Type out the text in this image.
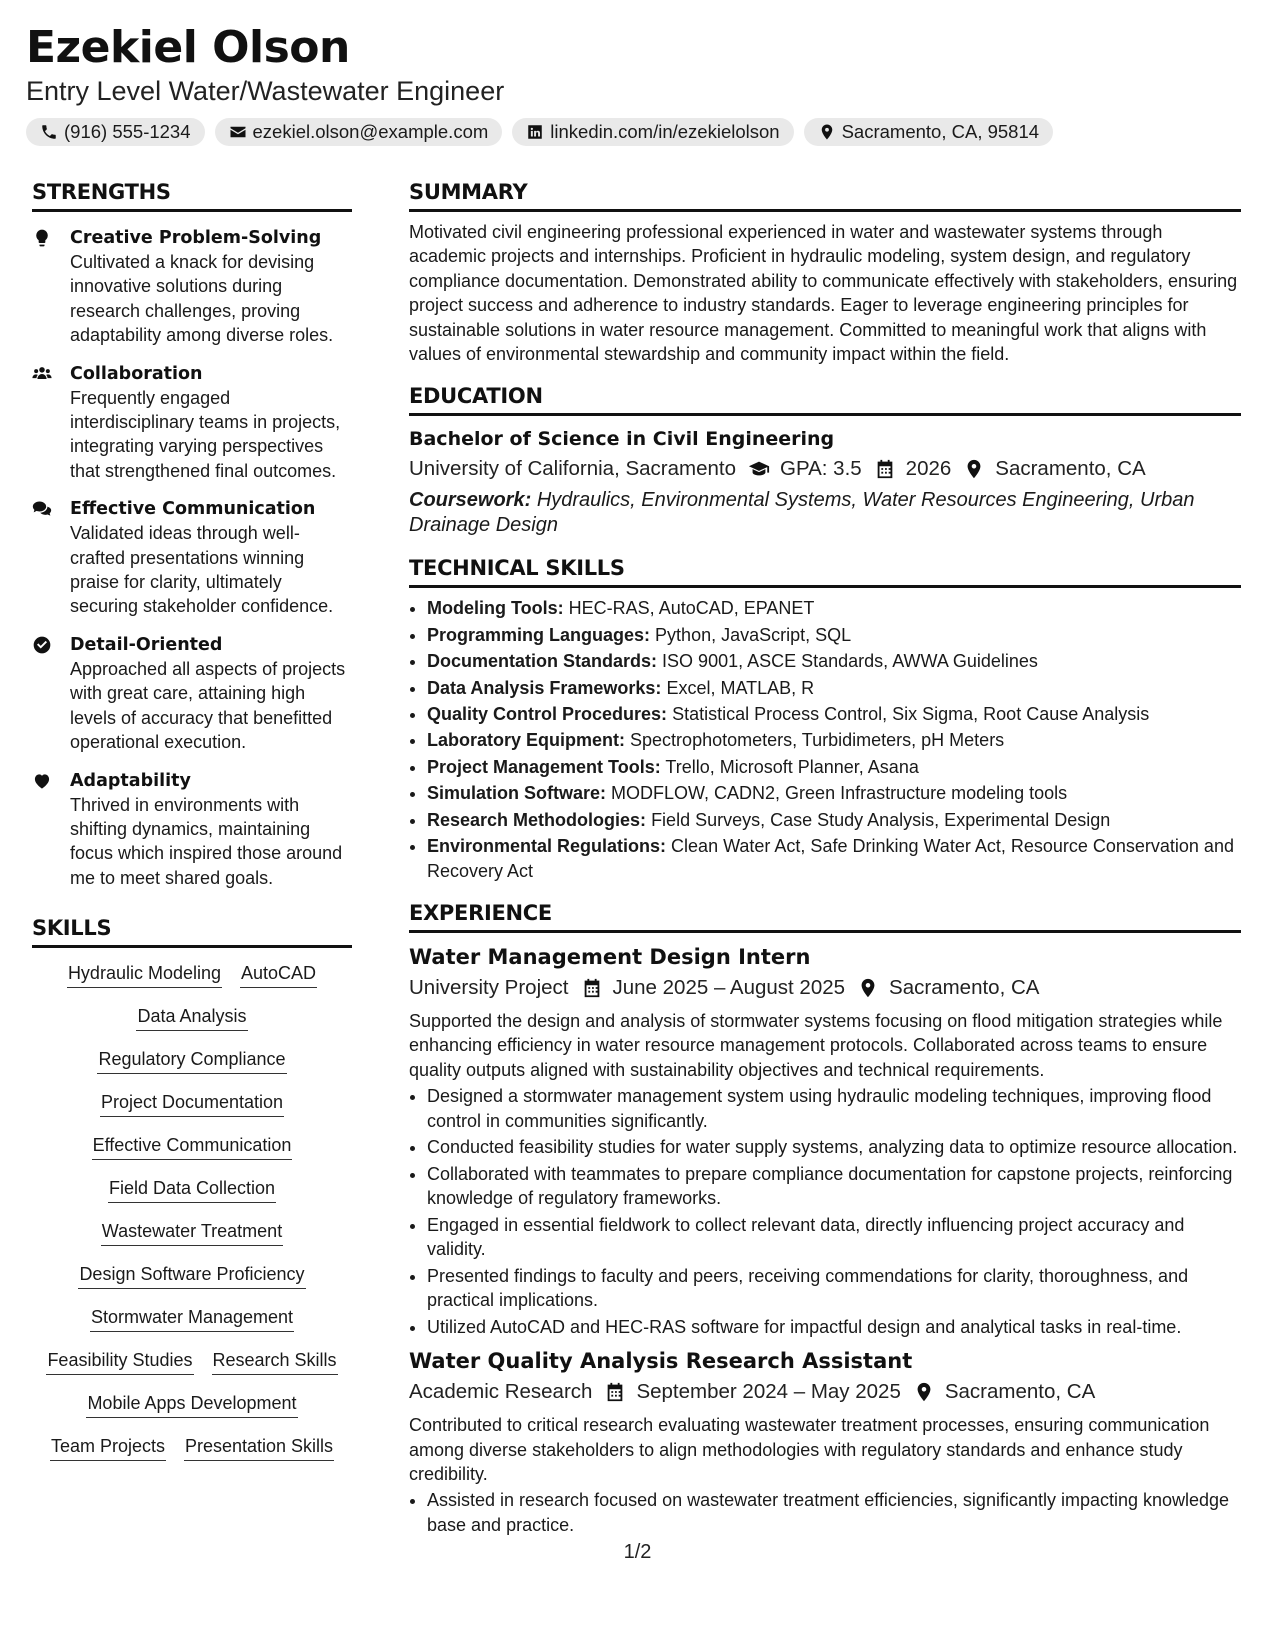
Ezekiel Olson
Entry Level Water/Wastewater Engineer
(916) 555-1234	ezekiel.olson@example.com	linkedin.com/in/ezekielolson	Sacramento, CA, 95814
STRENGTHS
Creative Problem-Solving
Cultivated a knack for devising innovative solutions during research challenges, proving adaptability among diverse roles.
Collaboration
Frequently engaged interdisciplinary teams in projects, integrating varying perspectives that strengthened final outcomes.
Effective Communication
Validated ideas through well-crafted presentations winning praise for clarity, ultimately securing stakeholder confidence.
Detail-Oriented
Approached all aspects of projects with great care, attaining high levels of accuracy that benefitted operational execution.
Adaptability
Thrived in environments with shifting dynamics, maintaining focus which inspired those around me to meet shared goals.
SKILLS
Hydraulic Modeling AutoCAD
Data Analysis
Regulatory Compliance
Project Documentation
Effective Communication
Field Data Collection
Wastewater Treatment
Design Software Proficiency
Stormwater Management
Feasibility Studies Research Skills
Mobile Apps Development
Team Projects Presentation Skills
SUMMARY
Motivated civil engineering professional experienced in water and wastewater systems through academic projects and internships. Proficient in hydraulic modeling, system design, and regulatory compliance documentation. Demonstrated ability to communicate effectively with stakeholders, ensuring project success and adherence to industry standards. Eager to leverage engineering principles for sustainable solutions in water resource management. Committed to meaningful work that aligns with values of environmental stewardship and community impact within the field.
EDUCATION
Bachelor of Science in Civil Engineering
University of California, Sacramento GPA: 3.5 2026 Sacramento, CA
Coursework: Hydraulics, Environmental Systems, Water Resources Engineering, Urban Drainage Design
TECHNICAL SKILLS
• Modeling Tools: HEC-RAS, AutoCAD, EPANET
• Programming Languages: Python, JavaScript, SQL
• Documentation Standards: ISO 9001, ASCE Standards, AWWA Guidelines
• Data Analysis Frameworks: Excel, MATLAB, R
• Quality Control Procedures: Statistical Process Control, Six Sigma, Root Cause Analysis
• Laboratory Equipment: Spectrophotometers, Turbidimeters, pH Meters
• Project Management Tools: Trello, Microsoft Planner, Asana
• Simulation Software: MODFLOW, CADN2, Green Infrastructure modeling tools
• Research Methodologies: Field Surveys, Case Study Analysis, Experimental Design
• Environmental Regulations: Clean Water Act, Safe Drinking Water Act, Resource Conservation and Recovery Act
EXPERIENCE
Water Management Design Intern
University Project June 2025 – August 2025 Sacramento, CA
Supported the design and analysis of stormwater systems focusing on flood mitigation strategies while enhancing efficiency in water resource management protocols. Collaborated across teams to ensure quality outputs aligned with sustainability objectives and technical requirements.
• Designed a stormwater management system using hydraulic modeling techniques, improving flood control in communities significantly.
• Conducted feasibility studies for water supply systems, analyzing data to optimize resource allocation.
• Collaborated with teammates to prepare compliance documentation for capstone projects, reinforcing knowledge of regulatory frameworks.
• Engaged in essential fieldwork to collect relevant data, directly influencing project accuracy and validity.
• Presented findings to faculty and peers, receiving commendations for clarity, thoroughness, and practical implications.
• Utilized AutoCAD and HEC-RAS software for impactful design and analytical tasks in real-time.
Water Quality Analysis Research Assistant
Academic Research September 2024 – May 2025 Sacramento, CA
Contributed to critical research evaluating wastewater treatment processes, ensuring communication among diverse stakeholders to align methodologies with regulatory standards and enhance study credibility.
• Assisted in research focused on wastewater treatment efficiencies, significantly impacting knowledge base and practice.
1/2
